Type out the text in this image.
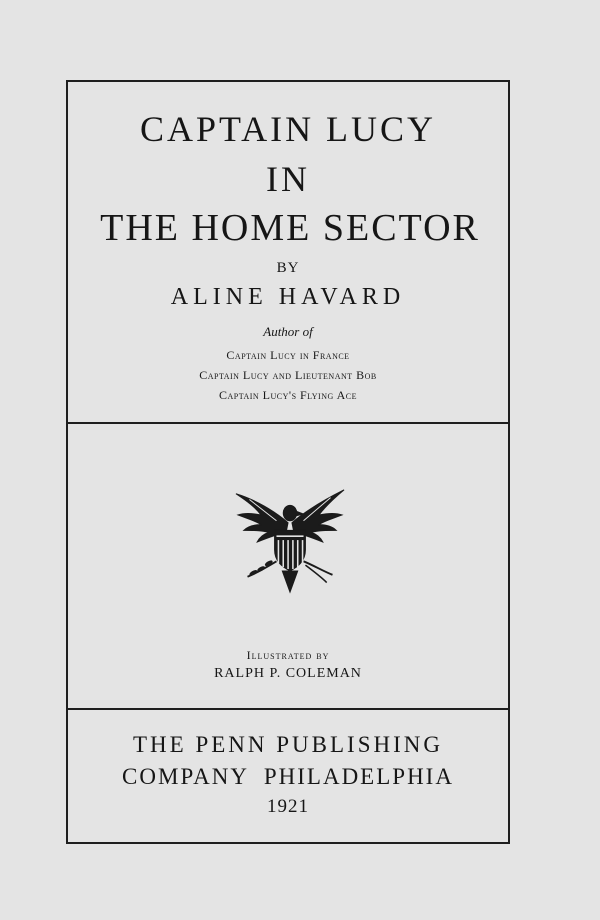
CAPTAIN LUCY
IN
THE HOME SECTOR
BY
ALINE HAVARD
Author of
Captain Lucy in France
Captain Lucy and Lieutenant Bob
Captain Lucy's Flying Ace
Illustrated by
RALPH P. COLEMAN
THE PENN PUBLISHING
COMPANY PHILADELPHIA
1921
